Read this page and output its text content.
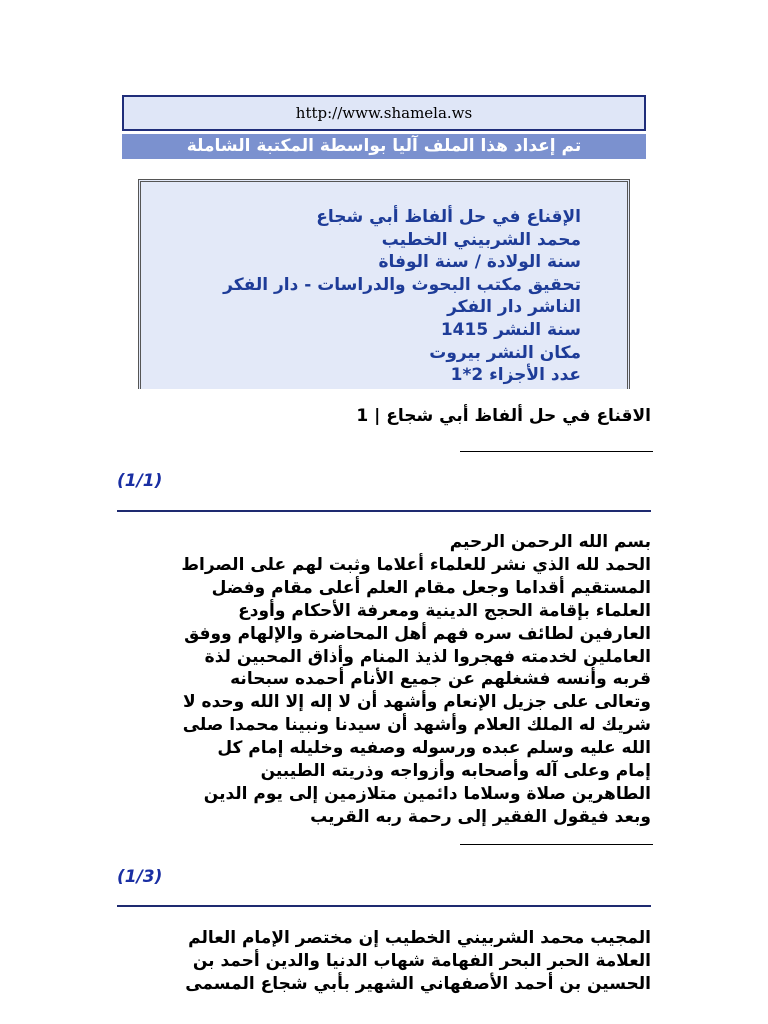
http://www.shamela.ws
تم إعداد هذا الملف آليا بواسطة المكتبة الشاملة
الإقناع في حل ألفاظ أبي شجاع
محمد الشربيني الخطيب
سنة الولادة / سنة الوفاة
تحقيق مكتب البحوث والدراسات - دار الفكر
الناشر دار الفكر
سنة النشر 1415
مكان النشر بيروت
عدد الأجزاء 2*1
الاقناع في حل ألفاظ أبي شجاع | 1
(1/1)
بسم الله الرحمن الرحيم
الحمد لله الذي نشر للعلماء أعلاما وثبت لهم على الصراط
المستقيم أقداما وجعل مقام العلم أعلى مقام وفضل
العلماء بإقامة الحجج الدينية ومعرفة الأحكام وأودع
العارفين لطائف سره فهم أهل المحاضرة والإلهام ووفق
العاملين لخدمته فهجروا لذيذ المنام وأذاق المحبين لذة
قربه وأنسه فشغلهم عن جميع الأنام أحمده سبحانه
وتعالى على جزيل الإنعام وأشهد أن لا إله إلا الله وحده لا
شريك له الملك العلام وأشهد أن سيدنا ونبينا محمدا صلى
الله عليه وسلم عبده ورسوله وصفيه وخليله إمام كل
إمام وعلى آله وأصحابه وأزواجه وذريته الطيبين
الطاهرين صلاة وسلاما دائمين متلازمين إلى يوم الدين
وبعد فيقول الفقير إلى رحمة ربه القريب
(1/3)
المجيب محمد الشربيني الخطيب إن مختصر الإمام العالم
العلامة الحبر البحر الفهامة شهاب الدنيا والدين أحمد بن
الحسين بن أحمد الأصفهاني الشهير بأبي شجاع المسمى
